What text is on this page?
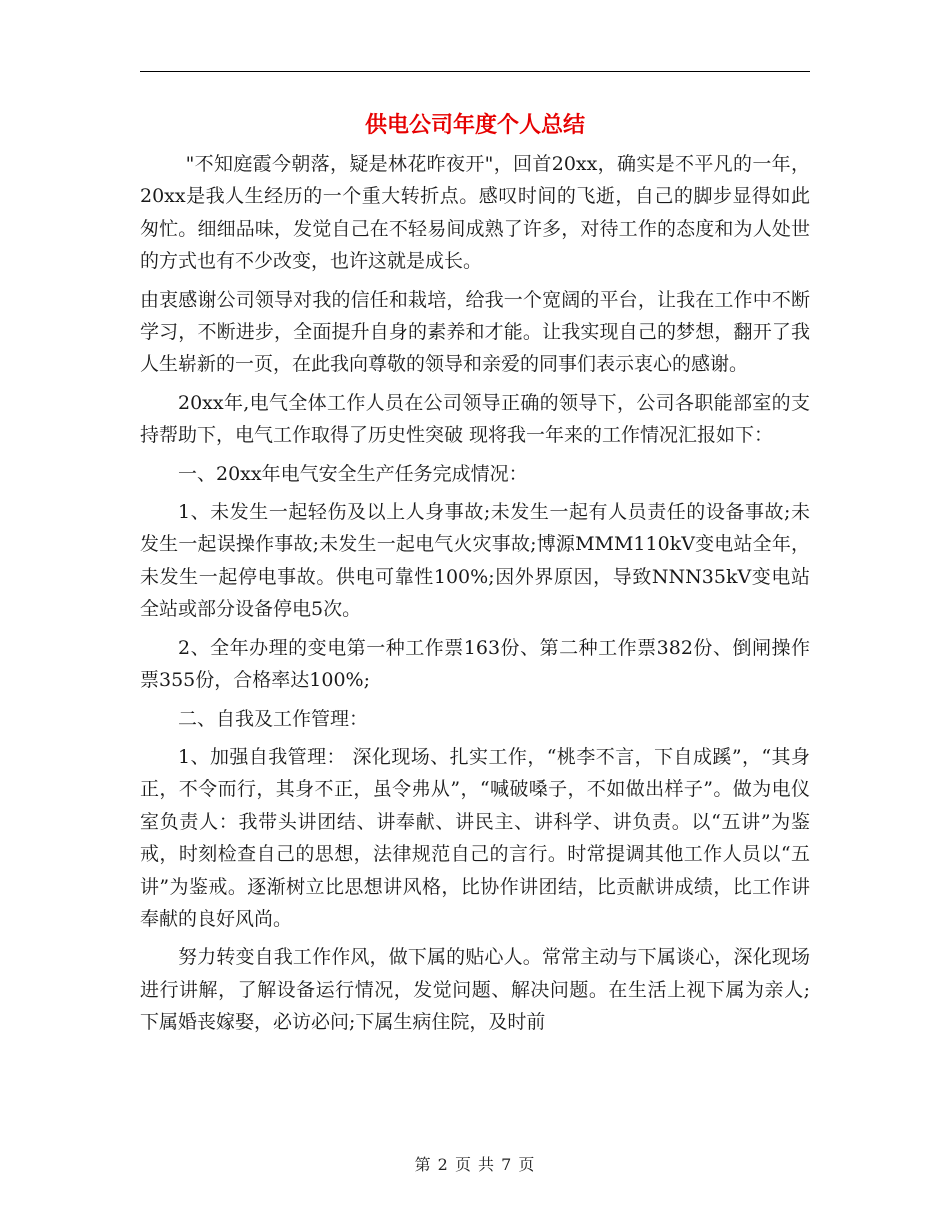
供电公司年度个人总结

"不知庭霞今朝落，疑是林花昨夜开"，回首20xx，确实是不平凡的一年，20xx是我人生经历的一个重大转折点。感叹时间的飞逝，自己的脚步显得如此匆忙。细细品味，发觉自己在不轻易间成熟了许多，对待工作的态度和为人处世的方式也有不少改变，也许这就是成长。

由衷感谢公司领导对我的信任和栽培，给我一个宽阔的平台，让我在工作中不断学习，不断进步，全面提升自身的素养和才能。让我实现自己的梦想，翻开了我人生崭新的一页，在此我向尊敬的领导和亲爱的同事们表示衷心的感谢。

20xx年,电气全体工作人员在公司领导正确的领导下，公司各职能部室的支持帮助下，电气工作取得了历史性突破 现将我一年来的工作情况汇报如下：

一、20xx年电气安全生产任务完成情况：

1、未发生一起轻伤及以上人身事故;未发生一起有人员责任的设备事故;未发生一起误操作事故;未发生一起电气火灾事故;博源MMM110kV变电站全年，未发生一起停电事故。供电可靠性100%;因外界原因，导致NNN35kV变电站全站或部分设备停电5次。

2、全年办理的变电第一种工作票163份、第二种工作票382份、倒闸操作票355份，合格率达100%;

二、自我及工作管理：

1、加强自我管理： 深化现场、扎实工作，“桃李不言，下自成蹊”，“其身正，不令而行，其身不正，虽令弗从”，“喊破嗓子，不如做出样子”。做为电仪室负责人：我带头讲团结、讲奉献、讲民主、讲科学、讲负责。以“五讲”为鉴戒，时刻检查自己的思想，法律规范自己的言行。时常提调其他工作人员以“五讲”为鉴戒。逐渐树立比思想讲风格，比协作讲团结，比贡献讲成绩，比工作讲奉献的良好风尚。

努力转变自我工作作风，做下属的贴心人。常常主动与下属谈心，深化现场进行讲解，了解设备运行情况，发觉问题、解决问题。在生活上视下属为亲人;下属婚丧嫁娶，必访必问;下属生病住院，及时前

第 2 页 共 7 页
